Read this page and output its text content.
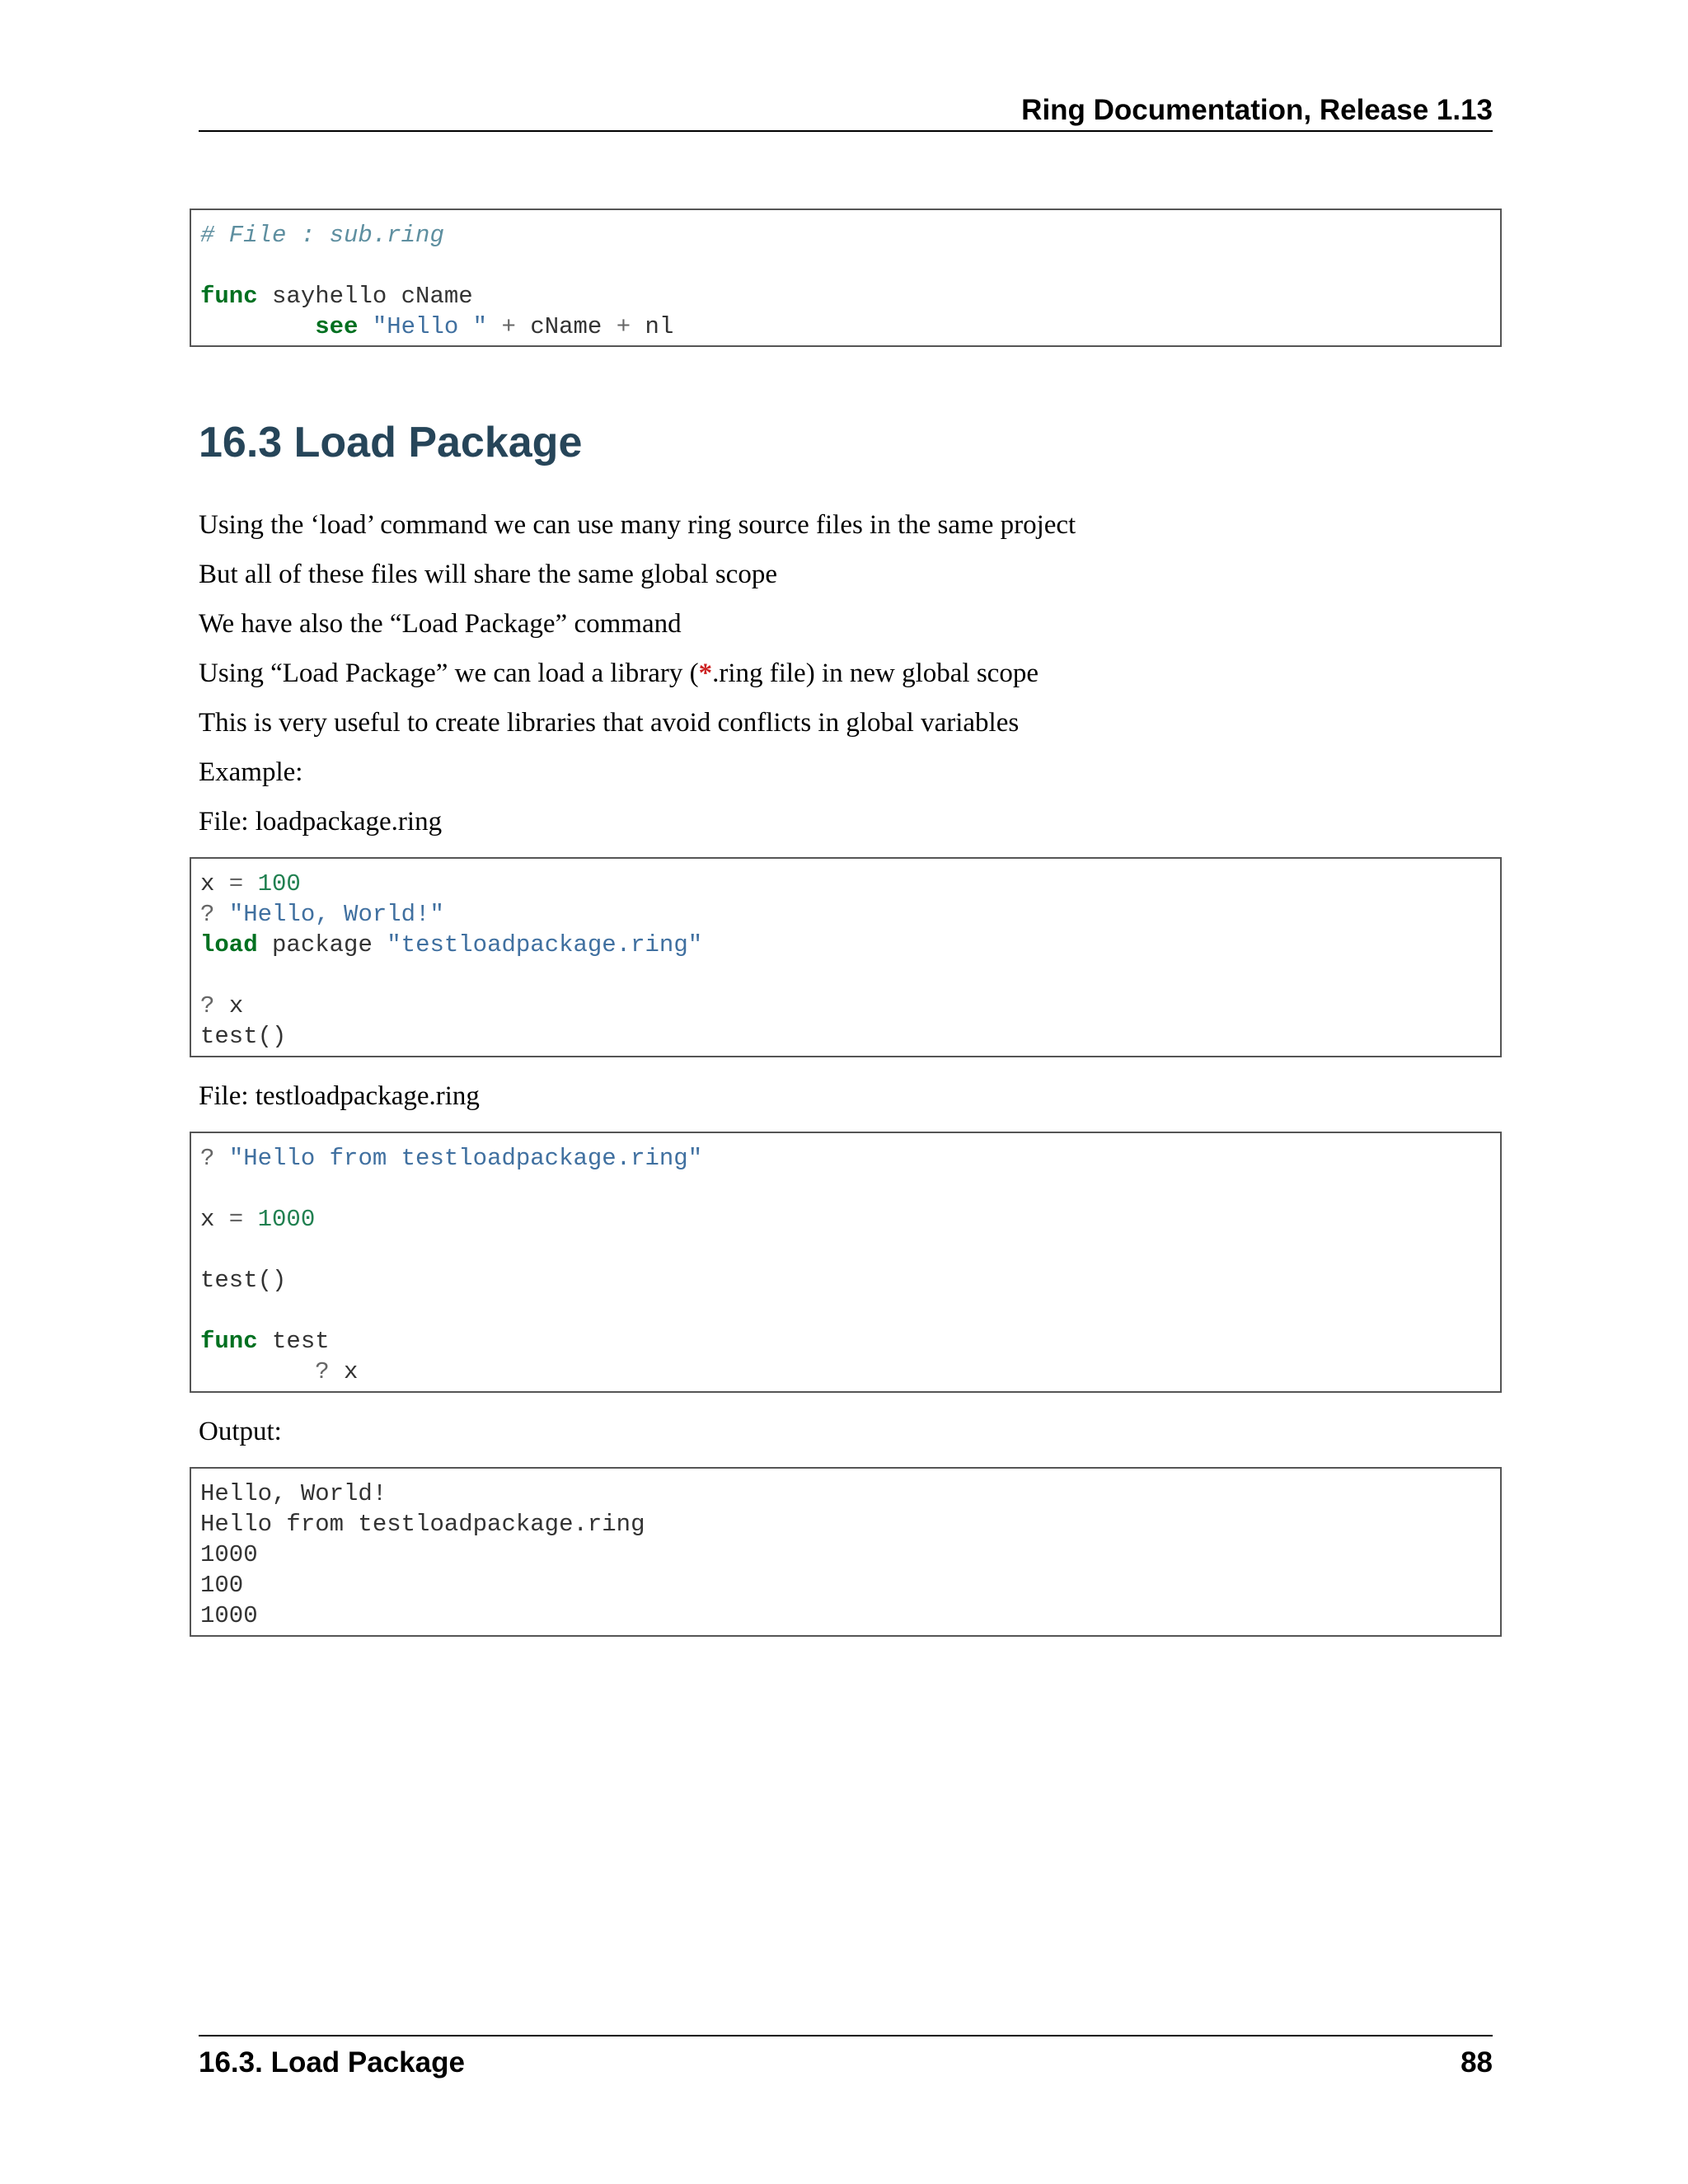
Ring Documentation, Release 1.13
# File : sub.ring
func sayhello cName
see "Hello " + cName + nl
16.3 Load Package
Using the ‘load’ command we can use many ring source files in the same project
But all of these files will share the same global scope
We have also the “Load Package” command
Using “Load Package” we can load a library (*.ring file) in new global scope
This is very useful to create libraries that avoid conflicts in global variables
Example:
File: loadpackage.ring
x = 100
? "Hello, World!"
load package "testloadpackage.ring"
? x
test()
File: testloadpackage.ring
? "Hello from testloadpackage.ring"
x = 1000
test()
func test
? x
Output:
Hello, World!
Hello from testloadpackage.ring
1000
100
1000
16.3. Load Package	88
